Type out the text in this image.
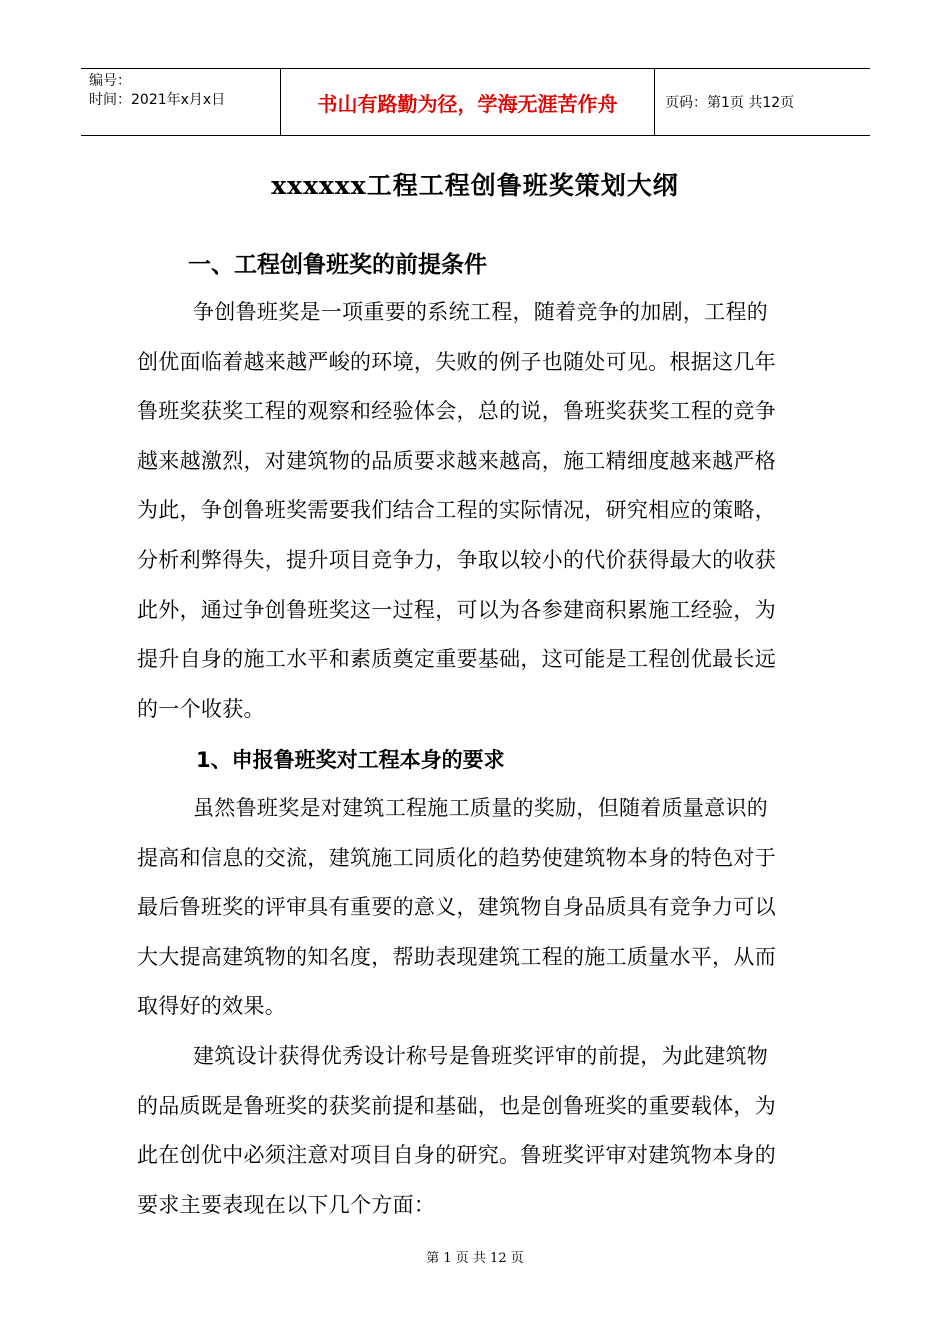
编号：
时间：2021年x月x日	书山有路勤为径，学海无涯苦作舟	页码：第1页 共12页
xxxxxx工程工程创鲁班奖策划大纲
一、工程创鲁班奖的前提条件
争创鲁班奖是一项重要的系统工程，随着竞争的加剧，工程的
创优面临着越来越严峻的环境，失败的例子也随处可见。根据这几年
鲁班奖获奖工程的观察和经验体会，总的说，鲁班奖获奖工程的竞争
越来越激烈，对建筑物的品质要求越来越高，施工精细度越来越严格
为此，争创鲁班奖需要我们结合工程的实际情况，研究相应的策略，
分析利弊得失，提升项目竞争力，争取以较小的代价获得最大的收获
此外，通过争创鲁班奖这一过程，可以为各参建商积累施工经验，为
提升自身的施工水平和素质奠定重要基础，这可能是工程创优最长远
的一个收获。
1、申报鲁班奖对工程本身的要求
虽然鲁班奖是对建筑工程施工质量的奖励，但随着质量意识的
提高和信息的交流，建筑施工同质化的趋势使建筑物本身的特色对于
最后鲁班奖的评审具有重要的意义，建筑物自身品质具有竞争力可以
大大提高建筑物的知名度，帮助表现建筑工程的施工质量水平，从而
取得好的效果。
建筑设计获得优秀设计称号是鲁班奖评审的前提，为此建筑物
的品质既是鲁班奖的获奖前提和基础，也是创鲁班奖的重要载体，为
此在创优中必须注意对项目自身的研究。鲁班奖评审对建筑物本身的
要求主要表现在以下几个方面：
第 1 页 共 12 页
